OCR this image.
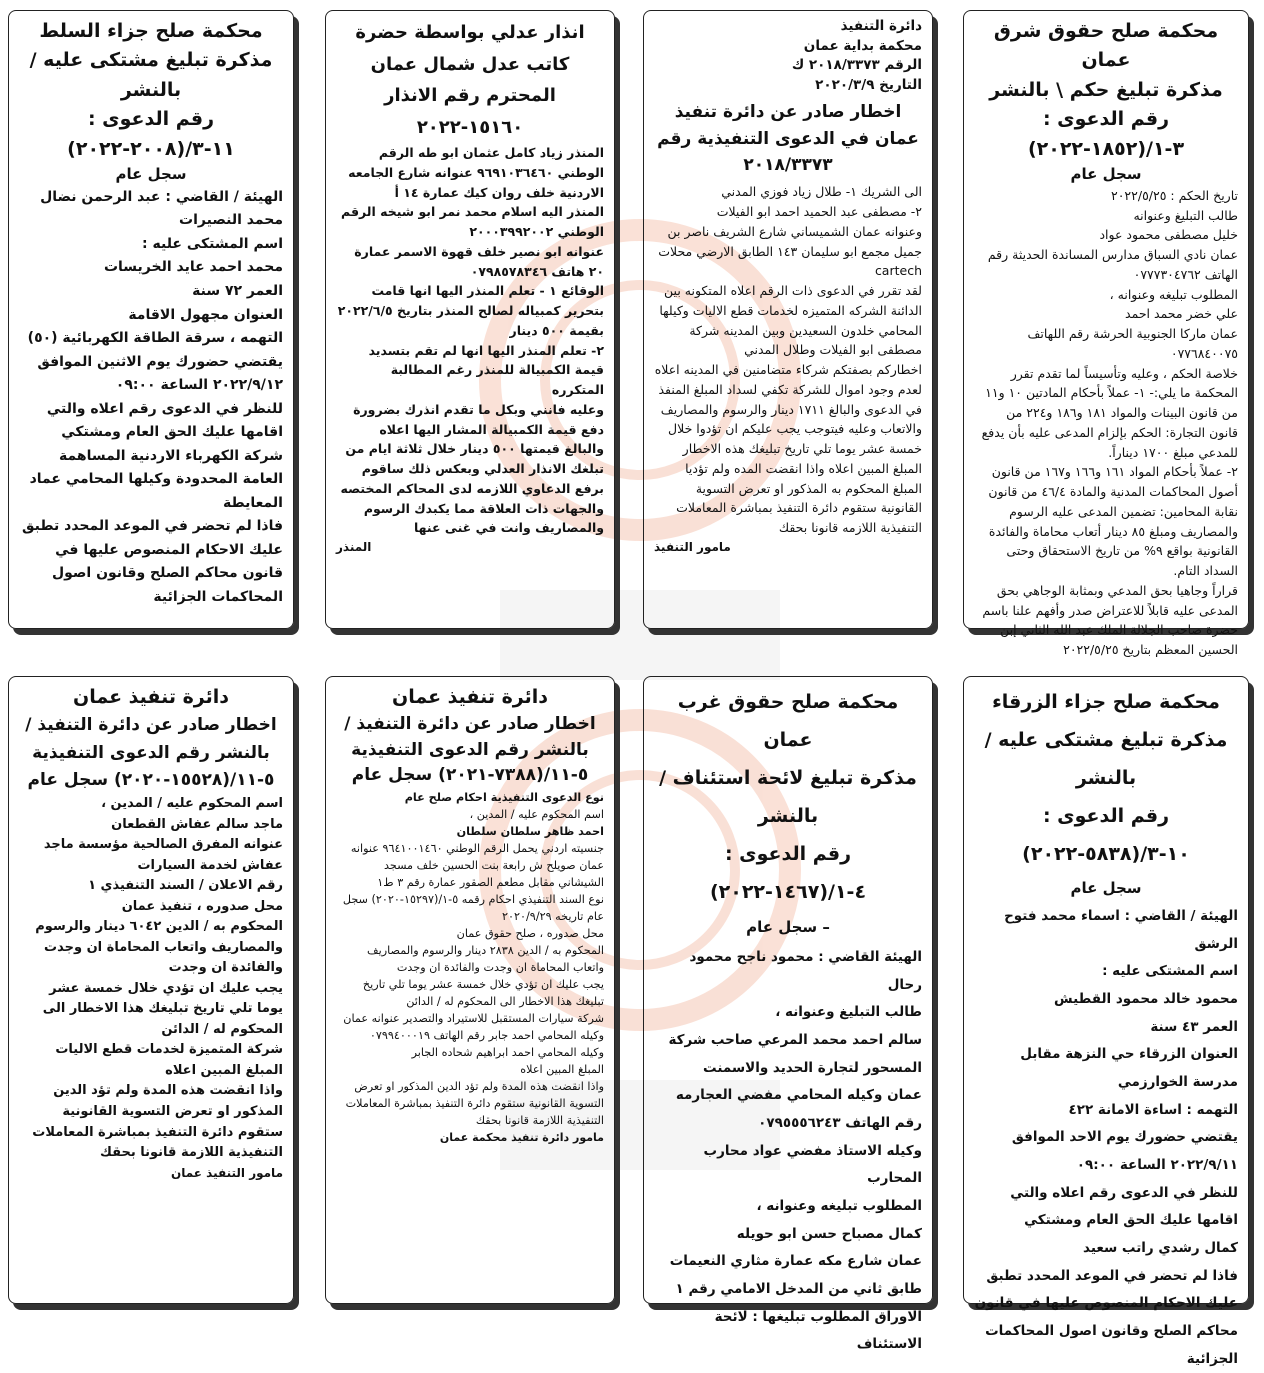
محكمة صلح حقوق شرق عمان
مذكرة تبليغ حكم \ بالنشر
رقم الدعوى : ٣-١/(١٨٥٢-٢٠٢٢)
سجل عام
تاريخ الحكم : ٢٠٢٢/٥/٢٥
طالب التبليغ وعنوانه
خليل مصطفى محمود عواد
عمان نادي السباق مدارس المساندة الحديثة رقم الهاتف ٠٧٧٧٣٠٤٧٦٢
المطلوب تبليغه وعنوانه ،
علي خضر محمد احمد
عمان ماركا الجنوبية الحرشة رقم اللهاتف ٠٧٧٦٨٤٠٠٧٥
خلاصة الحكم ، وعليه وتأسيساً لما تقدم تقرر المحكمة ما يلي:- ١- عملاً بأحكام المادتين ١٠ و١١ من قانون البينات والمواد ١٨١ و١٨٦ و٢٢٤ من قانون التجارة: الحكم بإلزام المدعى عليه بأن يدفع للمدعي مبلغ ١٧٠٠ ديناراً.
٢- عملاً بأحكام المواد ١٦١ و١٦٦ و١٦٧ من قانون أصول المحاكمات المدنية والمادة ٤٦/٤ من قانون نقابة المحامين: تضمين المدعى عليه الرسوم والمصاريف ومبلغ ٨٥ دينار أتعاب محاماة والفائدة القانونية بواقع ٩% من تاريخ الاستحقاق وحتى السداد التام.
قراراً وجاهيا بحق المدعي وبمثابة الوجاهي بحق المدعى عليه قابلاً للاعتراض صدر وأفهم علنا باسم حضرة صاحب الجلالة الملك عبد الله الثاني إبن الحسين المعظم بتاريخ ٢٠٢٢/٥/٢٥
دائرة التنفيذ
محكمة بداية عمان
الرقم ٢٠١٨/٣٣٧٣ ك
التاريخ ٢٠٢٠/٣/٩
اخطار صادر عن دائرة تنفيذ عمان في الدعوى التنفيذية رقم ٢٠١٨/٣٣٧٣
الى الشريك ١- طلال زياد فوزي المدني
٢- مصطفى عبد الحميد احمد ابو الفيلات
وعنوانه عمان الشميساني شارع الشريف ناصر بن جميل مجمع ابو سليمان ١٤٣ الطابق الارضي محلات cartech
لقد تقرر في الدعوى ذات الرقم اعلاه المتكونه بين الدائنة الشركه المتميزه لخدمات قطع الاليات وكيلها المحامي خلدون السعيدين وبين المدينه شركة مصطفى ابو الفيلات وطلال المدني
اخطاركم بصفتكم شركاء متضامنين في المدينه اعلاه لعدم وجود اموال للشركة تكفي لسداد المبلغ المنفذ في الدعوى والبالغ ١٧١١ دينار والرسوم والمصاريف والاتعاب وعليه فيتوجب يجب عليكم ان تؤدوا خلال خمسة عشر يوما تلي تاريخ تبليغك هذه الاخطار المبلغ المبين اعلاه واذا انقضت المده ولم تؤديا المبلغ المحكوم به المذكور او تعرض التسوية القانونية ستقوم دائرة التنفيذ بمباشرة المعاملات التنفيذية اللازمه قانونا بحقك
مامور التنفيذ
انذار عدلي بواسطة حضرة كاتب عدل شمال عمان المحترم رقم الانذار ١٥١٦٠-٢٠٢٢
المنذر زياد كامل عثمان ابو طه الرقم الوطني ٩٦٩١٠٣٦٤٦٠ عنوانه شارع الجامعه الاردنية خلف روان كيك عمارة ١٤ أ
المنذر اليه اسلام محمد نمر ابو شيخه الرقم الوطني ٢٠٠٠٣٩٩٢٠٠٢
عنوانه ابو نصير خلف قهوة الاسمر عمارة ٢٠ هاتف ٠٧٩٨٥٧٨٣٤٦
الوقائع ١ - تعلم المنذر اليها انها قامت بتحرير كمبياله لصالح المنذر بتاريخ ٢٠٢٢/٦/٥ بقيمة ٥٠٠ دينار
٢- تعلم المنذر اليها انها لم تقم بتسديد قيمة الكمبيالة للمنذر رغم المطالبة المتكرره
وعليه فانني وبكل ما تقدم انذرك بضرورة دفع قيمة الكمبيالة المشار اليها اعلاه والبالغ قيمتها ٥٠٠ دينار خلال ثلاثة ايام من تبلغك الانذار العدلي وبعكس ذلك ساقوم برفع الدعاوي اللازمه لدى المحاكم المختصه والجهات ذات العلاقة مما يكبدك الرسوم والمصاريف وانت في غنى عنها
المنذر
محكمة صلح جزاء السلط
مذكرة تبليغ مشتكى عليه / بالنشر
رقم الدعوى : ١١-٣/(٢٠٠٨-٢٠٢٢)
سجل عام
الهيئة / القاضي : عبد الرحمن نضال محمد النصيرات
اسم المشتكى عليه :
محمد احمد عايد الخريسات
العمر ٧٢ سنة
العنوان مجهول الاقامة
التهمه ، سرقة الطاقة الكهربائية (٥٠)
يقتضي حضورك يوم الاثنين الموافق ٢٠٢٢/٩/١٢ الساعة ٠٩:٠٠
للنظر في الدعوى رقم اعلاه والتي اقامها عليك الحق العام ومشتكي
شركة الكهرباء الاردنية المساهمة العامة المحدودة وكيلها المحامي عماد المعايطة
فاذا لم تحضر في الموعد المحدد تطبق عليك الاحكام المنصوص عليها في قانون محاكم الصلح وقانون اصول المحاكمات الجزائية
محكمة صلح جزاء الزرقاء
مذكرة تبليغ مشتكى عليه / بالنشر
رقم الدعوى : ١٠-٣/(٥٨٣٨-٢٠٢٢)
سجل عام
الهيئة / القاضي : اسماء محمد فتوح الرشق
اسم المشتكى عليه :
محمود خالد محمود القطيش
العمر ٤٣ سنة
العنوان الزرقاء حي النزهة مقابل مدرسة الخوارزمي
التهمه : اساءة الامانة ٤٢٢
يقتضي حضورك يوم الاحد الموافق ٢٠٢٢/٩/١١ الساعة ٠٩:٠٠
للنظر في الدعوى رقم اعلاه والتي اقامها عليك الحق العام ومشتكي
كمال رشدي راتب سعيد
فاذا لم تحضر في الموعد المحدد تطبق عليك الاحكام المنصوص عليها في قانون محاكم الصلح وقانون اصول المحاكمات الجزائية
محكمة صلح حقوق غرب عمان
مذكرة تبليغ لائحة استئناف /بالنشر
رقم الدعوى : ٤-١/(١٤٦٧-٢٠٢٢)
– سجل عام
الهيئة القاضي : محمود ناجح محمود رحال
طالب التبليغ وعنوانه ،
سالم احمد محمد المرعي صاحب شركة المسحور لتجارة الحديد والاسمنت
عمان وكيله المحامي مفضي العجارمه رقم الهاتف ٠٧٩٥٥٥٦٢٤٣
وكيله الاستاذ مفضي عواد محارب المحارب
المطلوب تبليغه وعنوانه ،
كمال مصباح حسن ابو حويله
عمان شارع مكه عمارة مثاري النعيمات طابق ثاني من المدخل الامامي رقم ١
الاوراق المطلوب تبليغها : لائحة الاستئناف
دائرة تنفيذ عمان
اخطار صادر عن دائرة التنفيذ / بالنشر رقم الدعوى التنفيذية ٥-١١/(٧٣٨٨-٢٠٢١) سجل عام
نوع الدعوى التنفيذية احكام صلح عام
اسم المحكوم عليه / المدين ،
احمد ظاهر سلطان سلطان
جنسيته اردني يحمل الرقم الوطني ٩٦٤١٠٠١٤٦٠ عنوانه عمان صويلح ش رابعة بنت الحسين خلف مسجد الشيشاني مقابل مطعم الصقور عمارة رقم ٣ ط١
نوع السند التنفيذي احكام رقمه ٥-١/(١٥٢٩٧-٢٠٢٠) سجل عام تاريخه ٢٠٢٠/٩/٢٩
محل صدوره ، صلح حقوق عمان
المحكوم به / الدين ٢٨٣٨ دينار والرسوم والمصاريف واتعاب المحاماة ان وجدت والفائدة ان وجدت
يجب عليك ان تؤدي خلال خمسة عشر يوما تلي تاريخ تبليغك هذا الاخطار الى المحكوم له / الدائن
شركة سيارات المستقبل للاستيراد والتصدير عنوانه عمان وكيله المحامي احمد جابر رقم الهاتف ٠٧٩٩٤٠٠٠١٩
وكيله المحامي احمد ابراهيم شحاده الجابر
المبلغ المبين اعلاه
واذا انقضت هذه المدة ولم تؤد الدين المذكور او تعرض التسوية القانونية ستقوم دائرة التنفيذ بمباشرة المعاملات التنفيذية اللازمة قانونا بحقك
مامور دائرة تنفيذ محكمة عمان
دائرة تنفيذ عمان
اخطار صادر عن دائرة التنفيذ / بالنشر رقم الدعوى التنفيذية ٥-١١/(١٥٥٢٨-٢٠٢٠) سجل عام
اسم المحكوم عليه / المدين ،
ماجد سالم عفاش القطعان
عنوانه المفرق الصالحية مؤسسة ماجد عفاش لخدمة السيارات
رقم الاعلان / السند التنفيذي ١
محل صدوره ، تنفيذ عمان
المحكوم به / الدين ٦٠٤٢ دينار والرسوم والمصاريف واتعاب المحاماة ان وجدت والفائدة ان وجدت
يجب عليك ان تؤدي خلال خمسة عشر يوما تلي تاريخ تبليغك هذا الاخطار الى المحكوم له / الدائن
شركة المتميزة لخدمات قطع الاليات
المبلغ المبين اعلاه
واذا انقضت هذه المدة ولم تؤد الدين المذكور او تعرض التسوية القانونية ستقوم دائرة التنفيذ بمباشرة المعاملات التنفيذية اللازمة قانونا بحقك
مامور التنفيذ عمان
